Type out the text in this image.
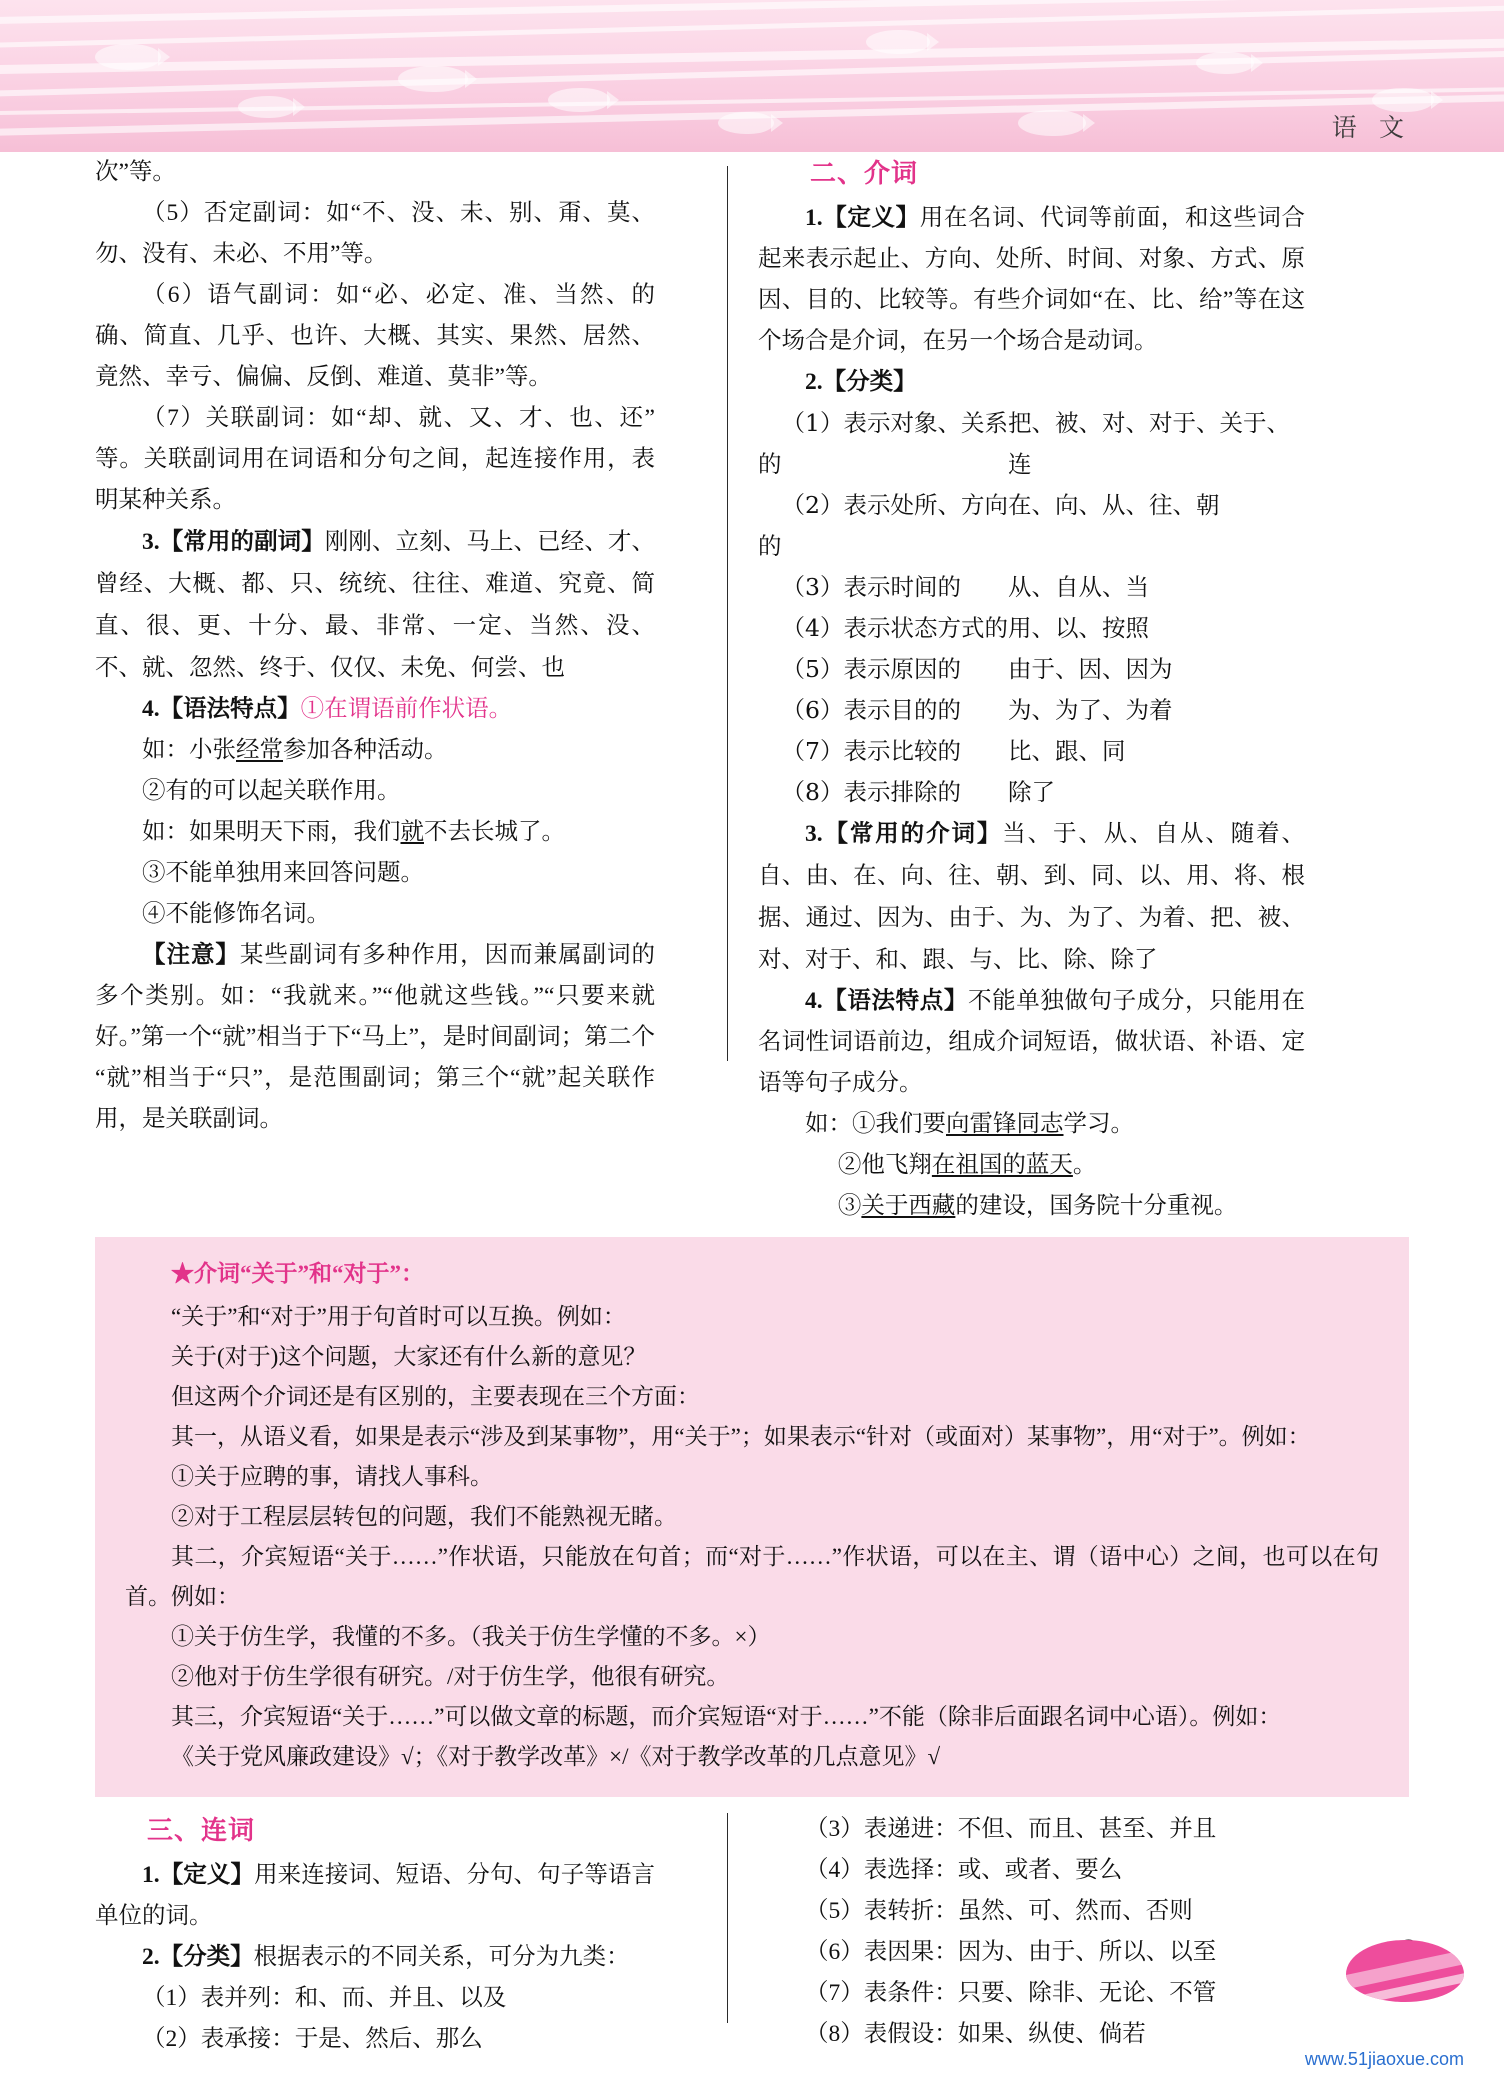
语 文

次”等。

（5）否定副词：如“不、没、未、别、甭、莫、勿、没有、未必、不用”等。

（6）语气副词：如“必、必定、准、当然、的确、简直、几乎、也许、大概、其实、果然、居然、竟然、幸亏、偏偏、反倒、难道、莫非”等。

（7）关联副词：如“却、就、又、才、也、还”等。关联副词用在词语和分句之间，起连接作用，表明某种关系。

3.【常用的副词】刚刚、立刻、马上、已经、才、曾经、大概、都、只、统统、往往、难道、究竟、简直、很、更、十分、最、非常、一定、当然、没、不、就、忽然、终于、仅仅、未免、何尝、也

4.【语法特点】①在谓语前作状语。

如：小张经常参加各种活动。

②有的可以起关联作用。

如：如果明天下雨，我们就不去长城了。

③不能单独用来回答问题。

④不能修饰名词。

【注意】某些副词有多种作用，因而兼属副词的多个类别。如：“我就来。”“他就这些钱。”“只要来就好。”第一个“就”相当于下“马上”，是时间副词；第二个“就”相当于“只”，是范围副词；第三个“就”起关联作用，是关联副词。

二、介词

1.【定义】用在名词、代词等前面，和这些词合起来表示起止、方向、处所、时间、对象、方式、原因、目的、比较等。有些介词如“在、比、给”等在这个场合是介词，在另一个场合是动词。

2.【分类】

（1）表示对象、关系的
把、被、对、对于、关于、连
（2）表示处所、方向的
在、向、从、往、朝
（3）表示时间的	从、自从、当
（4）表示状态方式的 用、以、按照
（5）表示原因的	由于、因、因为
（6）表示目的的	为、为了、为着
（7）表示比较的	比、跟、同
（8）表示排除的	除了

3.【常用的介词】当、于、从、自从、随着、自、由、在、向、往、朝、到、同、以、用、将、根据、通过、因为、由于、为、为了、为着、把、被、对、对于、和、跟、与、比、除、除了

4.【语法特点】不能单独做句子成分，只能用在名词性词语前边，组成介词短语，做状语、补语、定语等句子成分。

如：①我们要向雷锋同志学习。

②他飞翔在祖国的蓝天。

③关于西藏的建设，国务院十分重视。

★介词“关于”和“对于”：

“关于”和“对于”用于句首时可以互换。例如：

关于(对于)这个问题，大家还有什么新的意见？

但这两个介词还是有区别的，主要表现在三个方面：

其一，从语义看，如果是表示“涉及到某事物”，用“关于”；如果表示“针对（或面对）某事物”，用“对于”。例如：

①关于应聘的事，请找人事科。

②对于工程层层转包的问题，我们不能熟视无睹。

其二，介宾短语“关于……”作状语，只能放在句首；而“对于……”作状语，可以在主、谓（语中心）之间，也可以在句首。例如：

①关于仿生学，我懂的不多。（我关于仿生学懂的不多。×）

②他对于仿生学很有研究。/对于仿生学，他很有研究。

其三，介宾短语“关于……”可以做文章的标题，而介宾短语“对于……”不能（除非后面跟名词中心语）。例如：

《关于党风廉政建设》√；《对于教学改革》×/《对于教学改革的几点意见》√

三、连词

1.【定义】用来连接词、短语、分句、句子等语言单位的词。

2.【分类】根据表示的不同关系，可分为九类：

（1）表并列：和、而、并且、以及

（2）表承接：于是、然后、那么

（3）表递进：不但、而且、甚至、并且

（4）表选择：或、或者、要么

（5）表转折：虽然、可、然而、否则

（6）表因果：因为、由于、所以、以至

（7）表条件：只要、除非、无论、不管

（8）表假设：如果、纵使、倘若

www.51jiaoxue.com
